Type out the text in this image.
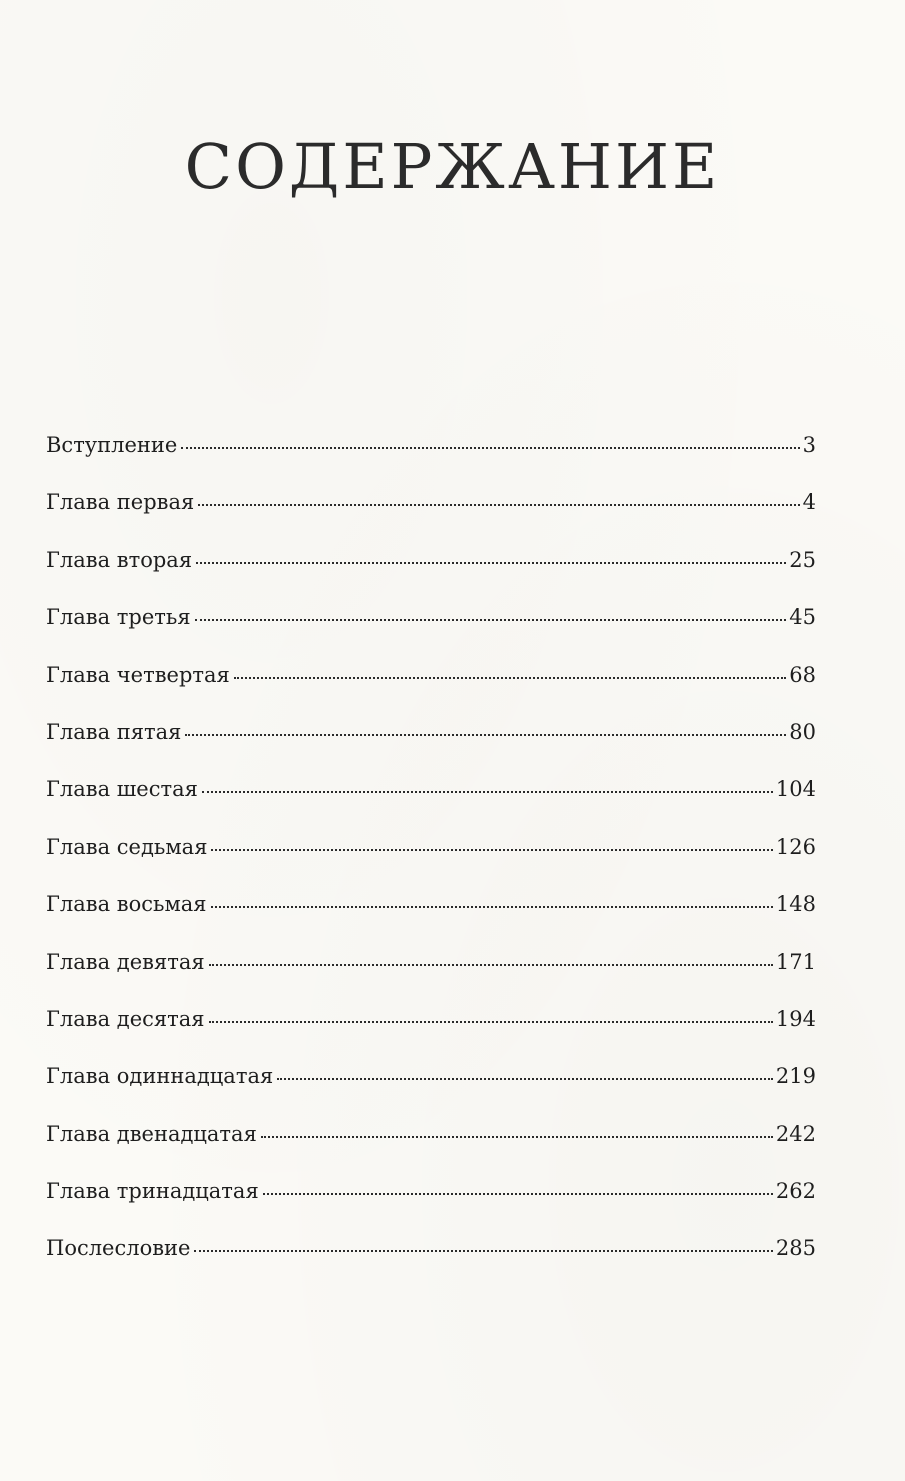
СОДЕРЖАНИЕ
Вступление	3
Глава первая	4
Глава вторая	25
Глава третья	45
Глава четвертая	68
Глава пятая	80
Глава шестая	104
Глава седьмая	126
Глава восьмая	148
Глава девятая	171
Глава десятая	194
Глава одиннадцатая	219
Глава двенадцатая	242
Глава тринадцатая	262
Послесловие	285
